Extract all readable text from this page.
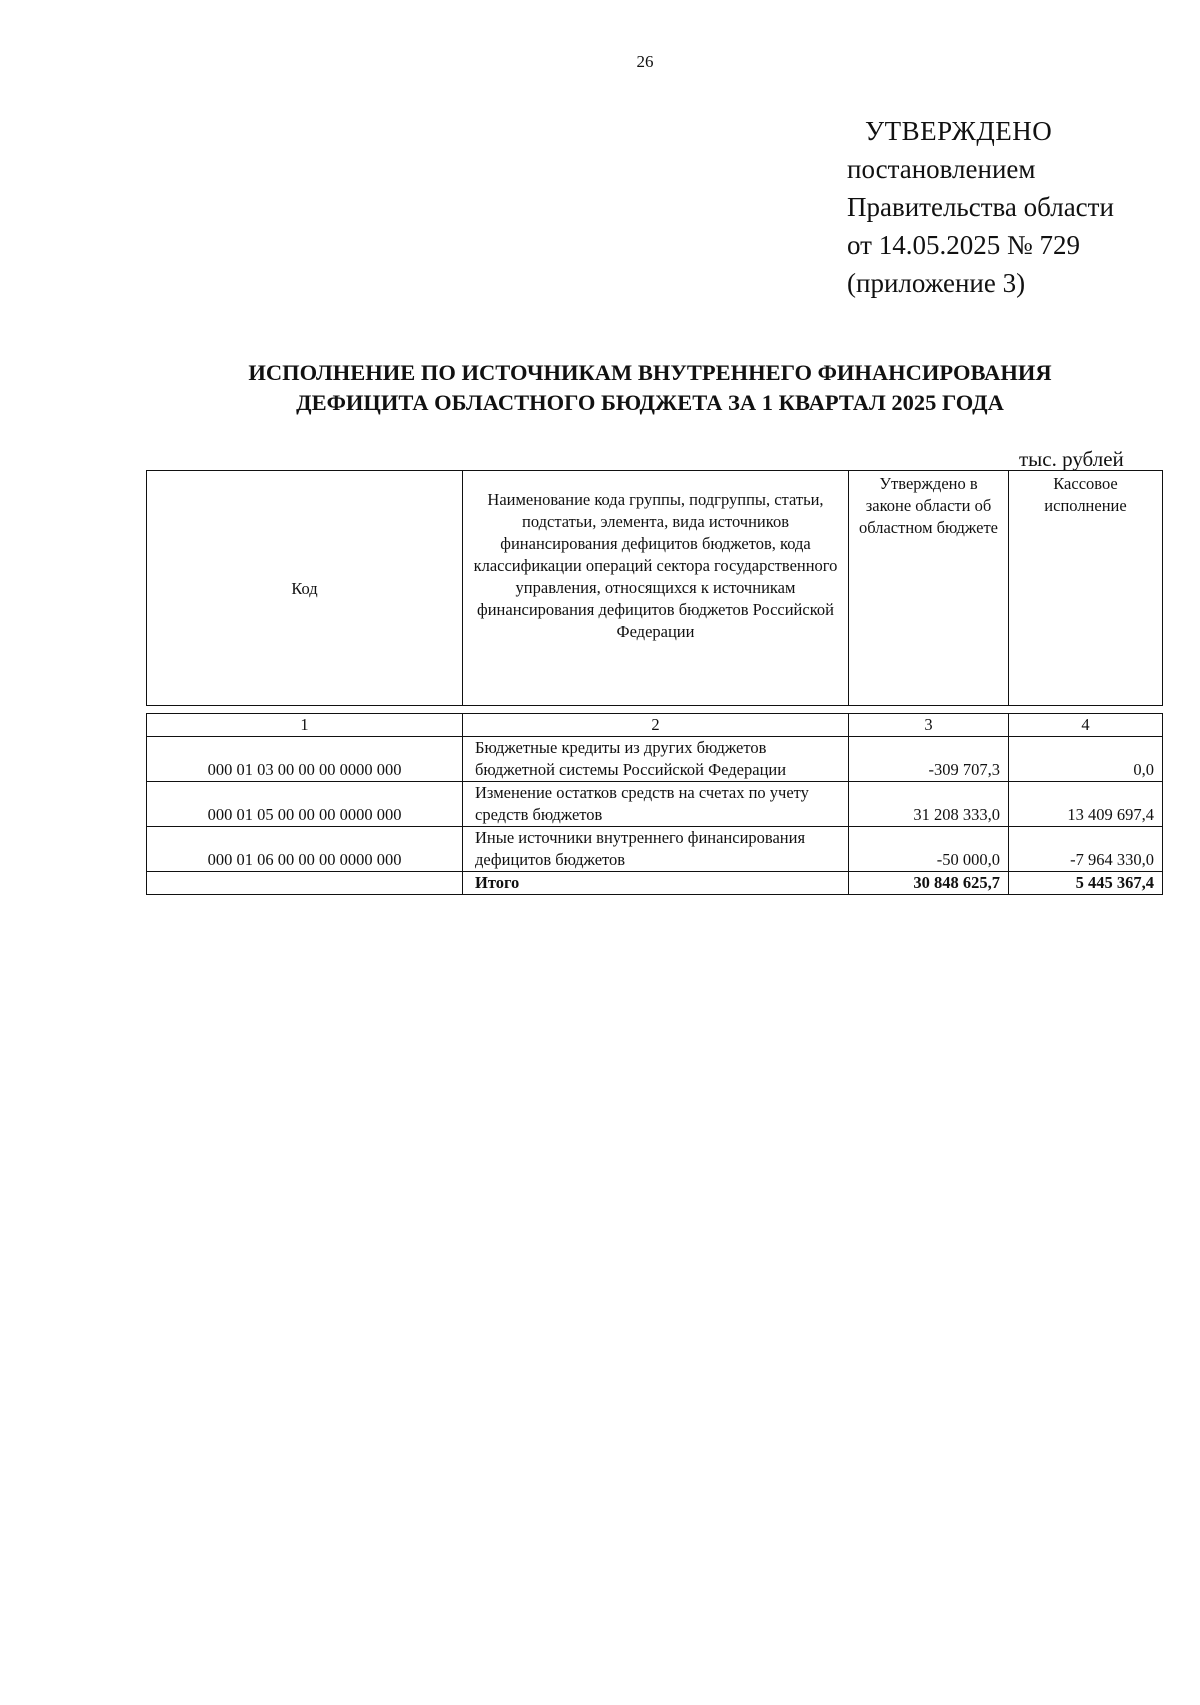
26
УТВЕРЖДЕНО
постановлением
Правительства области
от 14.05.2025 № 729
(приложение 3)
ИСПОЛНЕНИЕ ПО ИСТОЧНИКАМ ВНУТРЕННЕГО ФИНАНСИРОВАНИЯ
ДЕФИЦИТА ОБЛАСТНОГО БЮДЖЕТА ЗА 1 КВАРТАЛ 2025 ГОДА
тыс. рублей
Код	Наименование кода группы, подгруппы, статьи, подстатьи, элемента, вида источников финансирования дефицитов бюджетов, кода классификации операций сектора государственного управления, относящихся к источникам финансирования дефицитов бюджетов Российской Федерации	Утверждено в законе области об областном бюджете	Кассовое исполнение
1	2	3	4
000 01 03 00 00 00 0000 000	Бюджетные кредиты из других бюджетов бюджетной системы Российской Федерации	-309 707,3	0,0
000 01 05 00 00 00 0000 000	Изменение остатков средств на счетах по учету средств бюджетов	31 208 333,0	13 409 697,4
000 01 06 00 00 00 0000 000	Иные источники внутреннего финансирования дефицитов бюджетов	-50 000,0	-7 964 330,0
	Итого	30 848 625,7	5 445 367,4
